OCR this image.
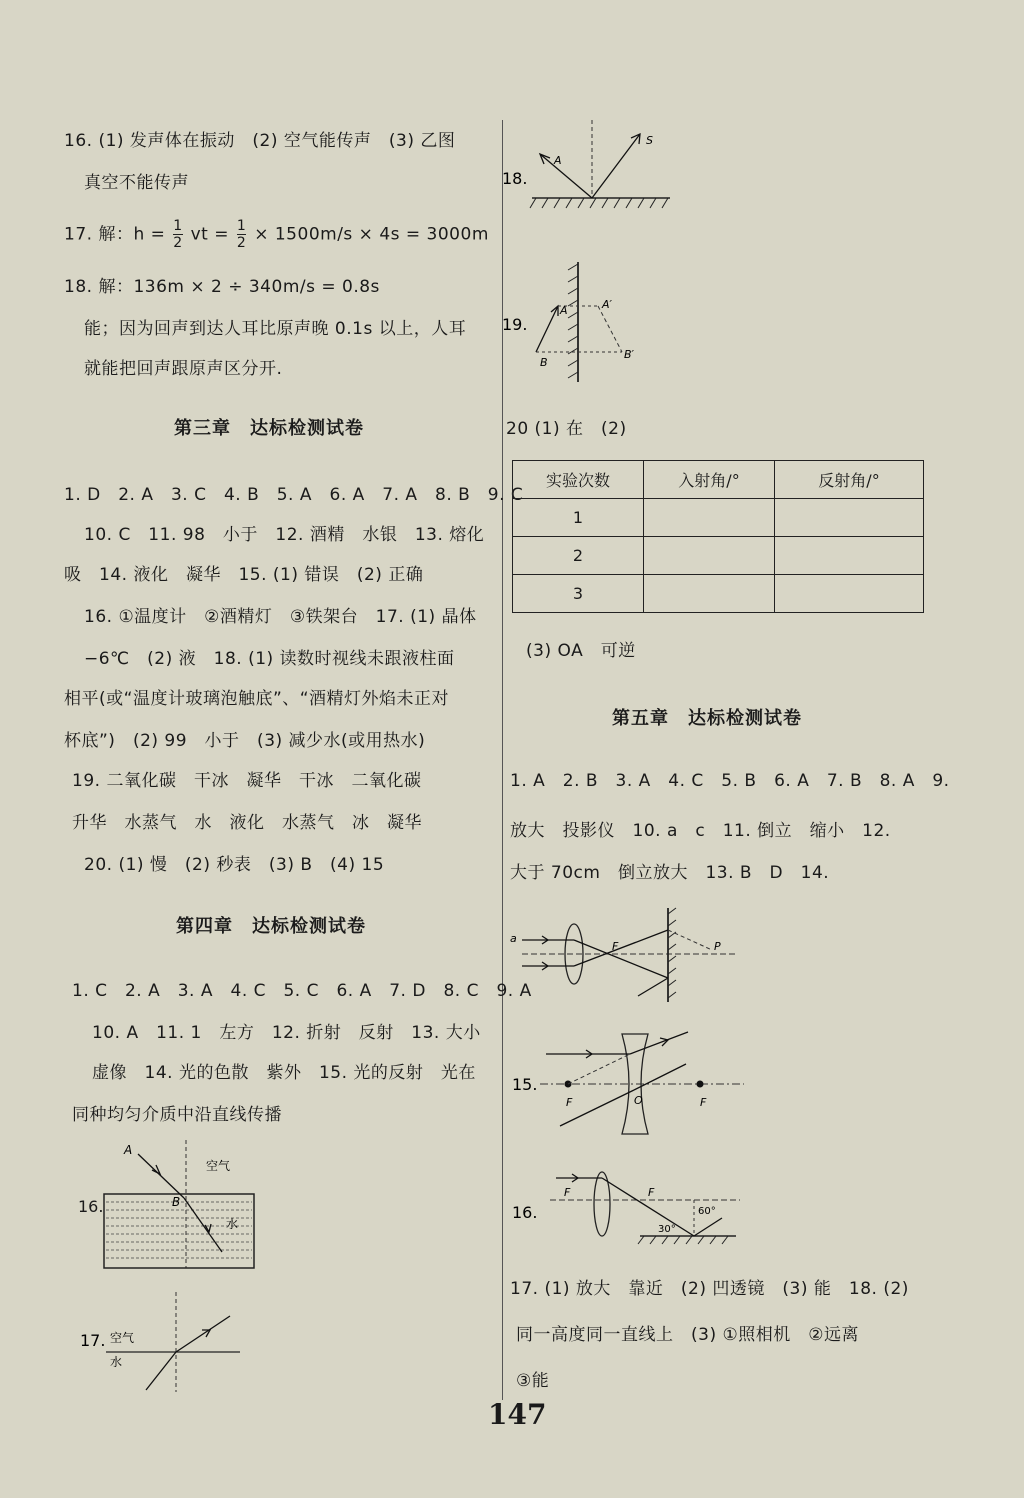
16. (1) 发声体在振动　(2) 空气能传声　(3) 乙图
真空不能传声
17. 解：$h = \frac{1}{2}$ vt = $\frac{1}{2} \times 1500m/s \times 4s = 3000m$
18. 解：136m × 2 ÷ 340m/s = 0.8s
能；因为回声到达人耳比原声晚 0.1s 以上，人耳
就能把回声跟原声区分开.
第三章　达标检测试卷
1. D　2. A　3. C　4. B　5. A　6. A　7. A　8. B　9. C
10. C　11. 98　小于　12. 酒精　水银　13. 熔化
吸　14. 液化　凝华　15. (1) 错误　(2) 正确
16. ①温度计　②酒精灯　③铁架台　17. (1) 晶体
−6℃　(2) 液　18. (1) 读数时视线未跟液柱面
相平(或“温度计玻璃泡触底”、“酒精灯外焰未正对
杯底”)　(2) 99　小于　(3) 减少水(或用热水)
19. 二氧化碳　干冰　凝华　干冰　二氧化碳
升华　水蒸气　水　液化　水蒸气　冰　凝华
20. (1) 慢　(2) 秒表　(3) B　(4) 15
第四章　达标检测试卷
1. C　2. A　3. A　4. C　5. C　6. A　7. D　8. C　9. A
10. A　11. 1　左方　12. 折射　反射　13. 大小
虚像　14. 光的色散　紫外　15. 光的反射　光在
同种均匀介质中沿直线传播
16.
A
B
空气
水
17. 空气
水
18.
A
S
19.
A
B
A′
B′
20 (1) 在　(2)
实验次数	入射角/°	反射角/°
1		
2		
3		
(3) OA　可逆
第五章　达标检测试卷
1. A　2. B　3. A　4. C　5. B　6. A　7. B　8. A　9.
放大　投影仪　10. a　c　11. 倒立　缩小　12.
大于 70cm　倒立放大　13. B　D　14.
a
F	P
15.
F	O	F
16.
F	F
30°
60°
17. (1) 放大　靠近　(2) 凹透镜　(3) 能　18. (2)
同一高度同一直线上　(3) ①照相机　②远离
③能
147
